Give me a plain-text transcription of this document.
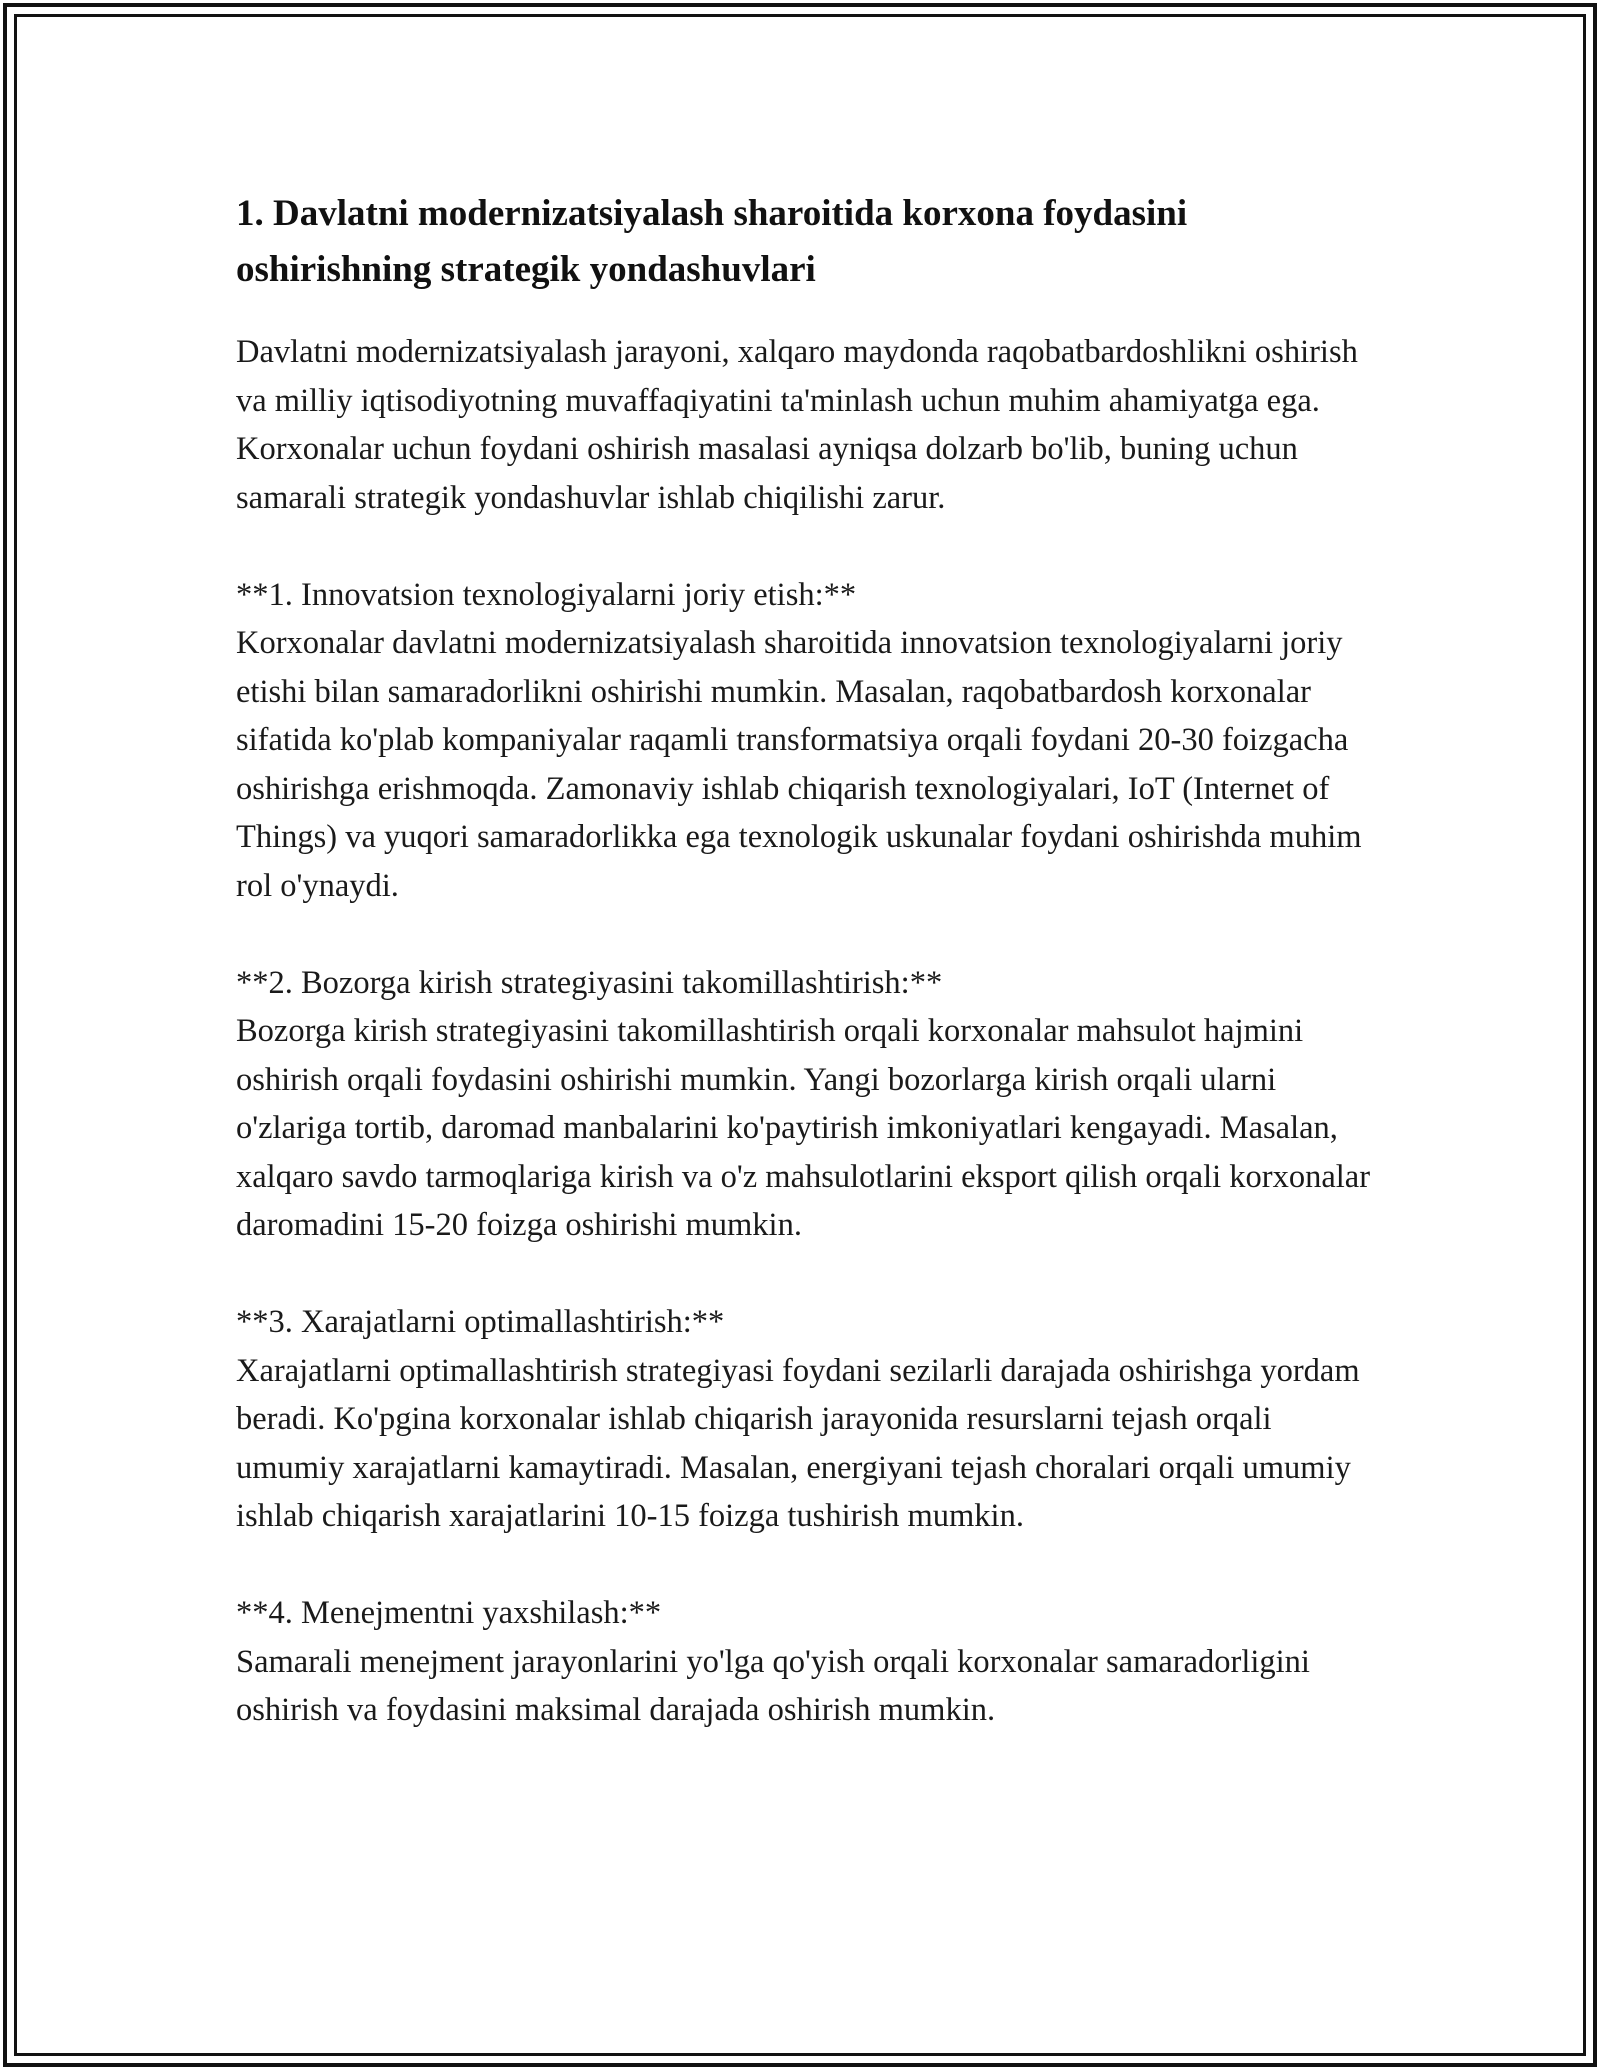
1. Davlatni modernizatsiyalash sharoitida korxona foydasini oshirishning strategik yondashuvlari

Davlatni modernizatsiyalash jarayoni, xalqaro maydonda raqobatbardoshlikni oshirish va milliy iqtisodiyotning muvaffaqiyatini ta'minlash uchun muhim ahamiyatga ega. Korxonalar uchun foydani oshirish masalasi ayniqsa dolzarb bo'lib, buning uchun samarali strategik yondashuvlar ishlab chiqilishi zarur.

**1. Innovatsion texnologiyalarni joriy etish:**

Korxonalar davlatni modernizatsiyalash sharoitida innovatsion texnologiyalarni joriy etishi bilan samaradorlikni oshirishi mumkin. Masalan, raqobatbardosh korxonalar sifatida ko'plab kompaniyalar raqamli transformatsiya orqali foydani 20-30 foizgacha oshirishga erishmoqda. Zamonaviy ishlab chiqarish texnologiyalari, IoT (Internet of Things) va yuqori samaradorlikka ega texnologik uskunalar foydani oshirishda muhim rol o'ynaydi.

**2. Bozorga kirish strategiyasini takomillashtirish:**

Bozorga kirish strategiyasini takomillashtirish orqali korxonalar mahsulot hajmini oshirish orqali foydasini oshirishi mumkin. Yangi bozorlarga kirish orqali ularni o'zlariga tortib, daromad manbalarini ko'paytirish imkoniyatlari kengayadi. Masalan, xalqaro savdo tarmoqlariga kirish va o'z mahsulotlarini eksport qilish orqali korxonalar daromadini 15-20 foizga oshirishi mumkin.

**3. Xarajatlarni optimallashtirish:**

Xarajatlarni optimallashtirish strategiyasi foydani sezilarli darajada oshirishga yordam beradi. Ko'pgina korxonalar ishlab chiqarish jarayonida resurslarni tejash orqali umumiy xarajatlarni kamaytiradi. Masalan, energiyani tejash choralari orqali umumiy ishlab chiqarish xarajatlarini 10-15 foizga tushirish mumkin.

**4. Menejmentni yaxshilash:**

Samarali menejment jarayonlarini yo'lga qo'yish orqali korxonalar samaradorligini oshirish va foydasini maksimal darajada oshirish mumkin.
